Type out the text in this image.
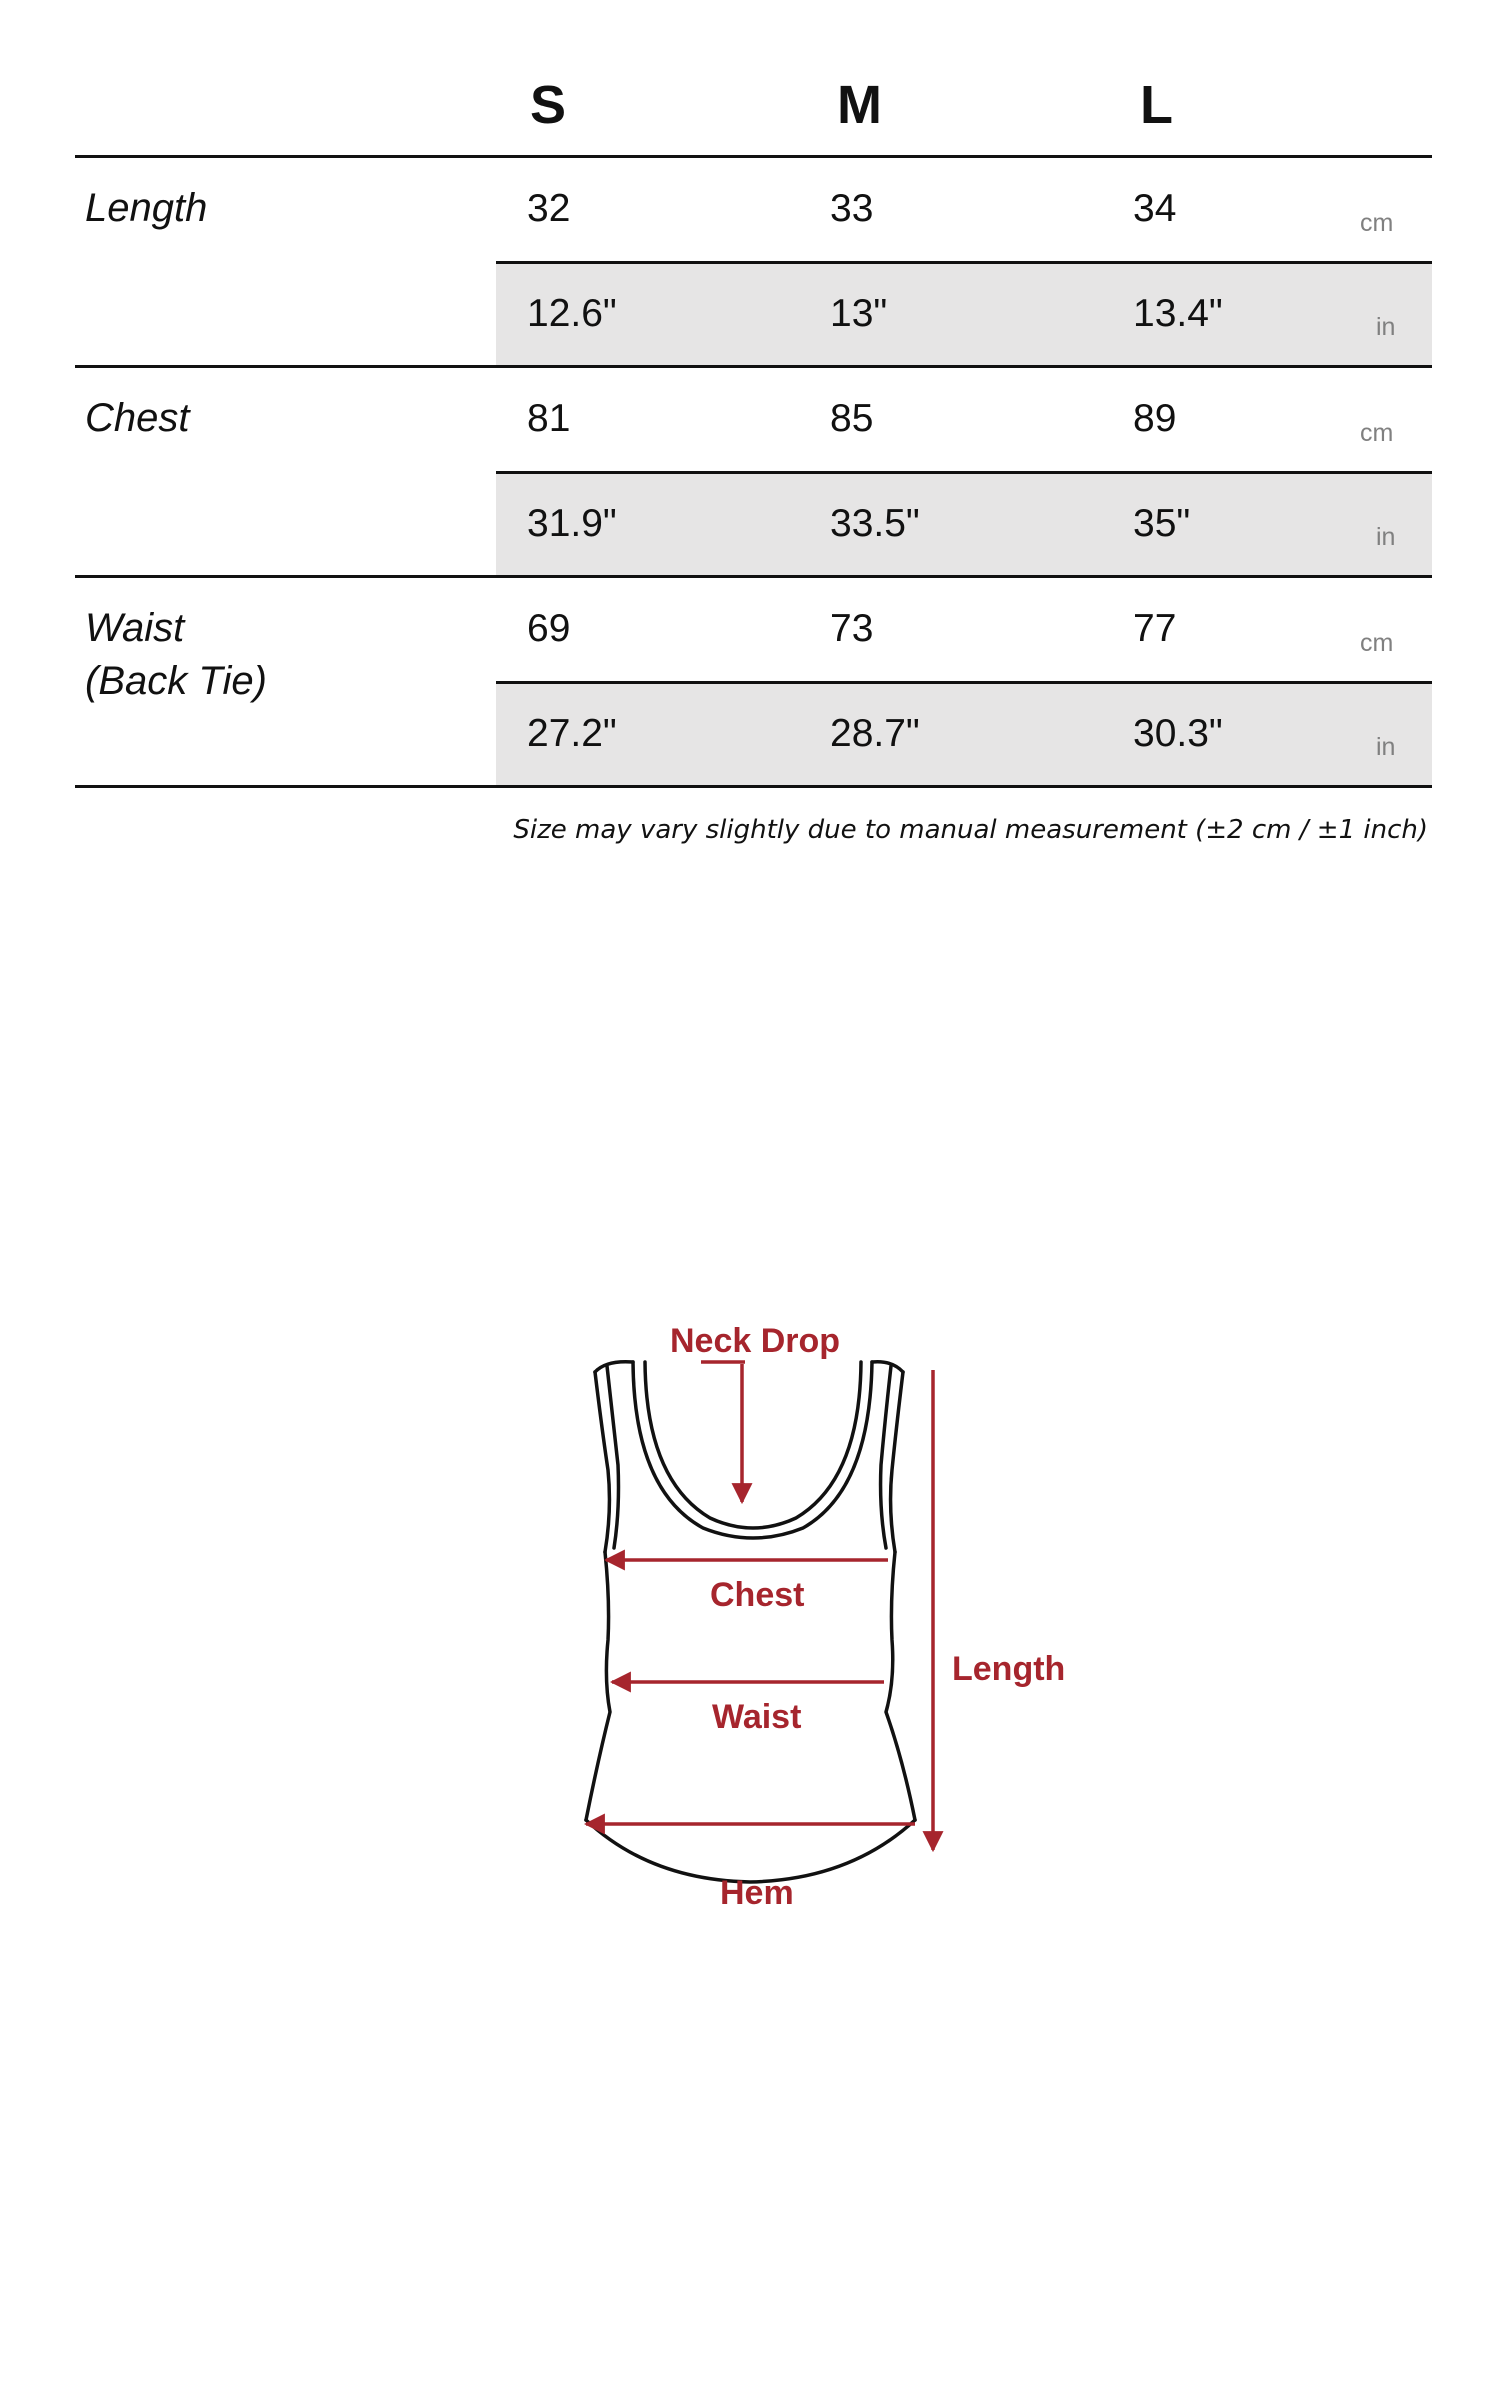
S	M	L
Length	32	33	34	cm
12.6"	13"	13.4"	in
Chest	81	85	89	cm
31.9"	33.5"	35"	in
Waist
(Back Tie)
69	73	77	cm
27.2"	28.7"	30.3"	in
Size may vary slightly due to manual measurement (±2 cm / ±1 inch)
Neck Drop
Chest
Waist
Hem
Length
